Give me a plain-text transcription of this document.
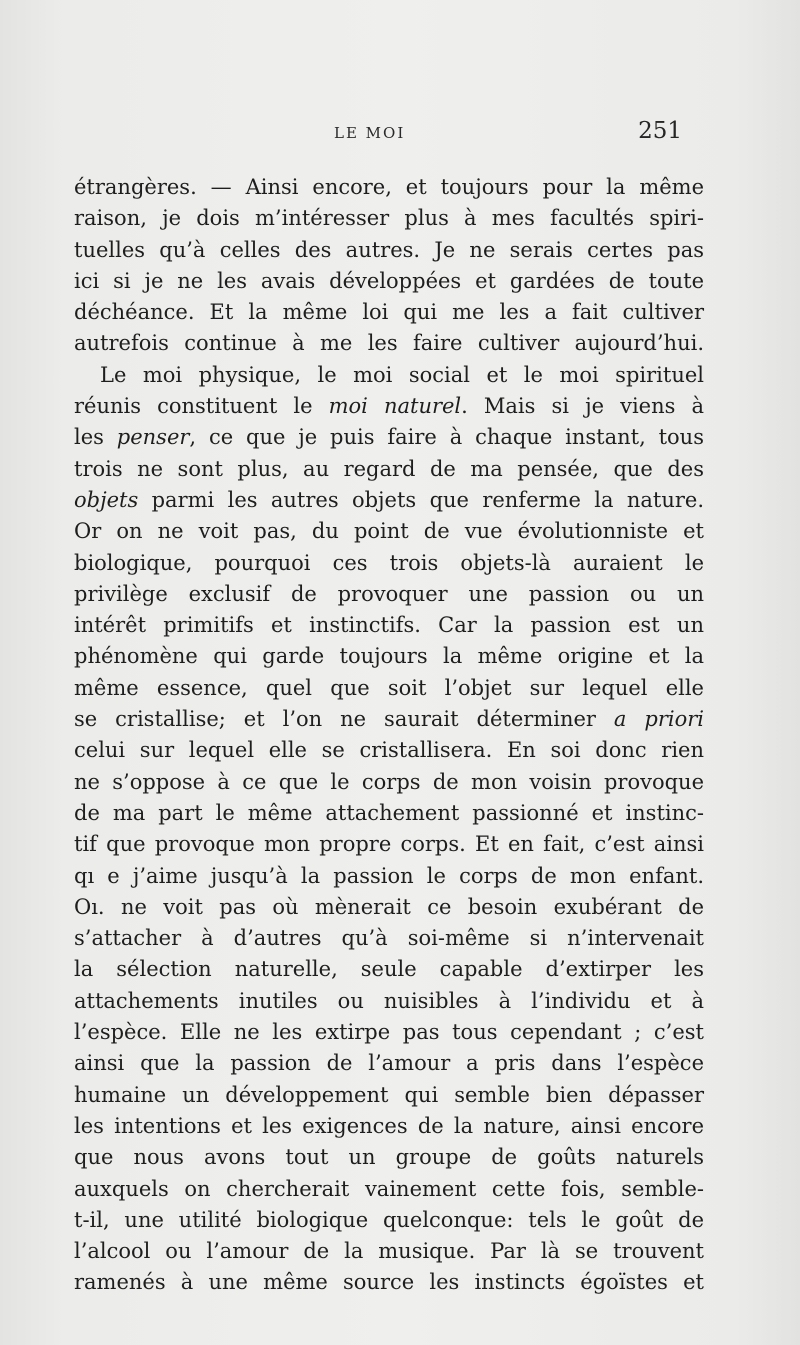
LE MOI	251
étrangères. — Ainsi encore, et toujours pour la même
raison, je dois m’intéresser plus à mes facultés spiri-
tuelles qu’à celles des autres. Je ne serais certes pas
ici si je ne les avais développées et gardées de toute
déchéance. Et la même loi qui me les a fait cultiver
autrefois continue à me les faire cultiver aujourd’hui.
Le moi physique, le moi social et le moi spirituel
réunis constituent le moi naturel. Mais si je viens à
les penser, ce que je puis faire à chaque instant, tous
trois ne sont plus, au regard de ma pensée, que des
objets parmi les autres objets que renferme la nature.
Or on ne voit pas, du point de vue évolutionniste et
biologique, pourquoi ces trois objets-là auraient le
privilège exclusif de provoquer une passion ou un
intérêt primitifs et instinctifs. Car la passion est un
phénomène qui garde toujours la même origine et la
même essence, quel que soit l’objet sur lequel elle
se cristallise; et l’on ne saurait déterminer a priori
celui sur lequel elle se cristallisera. En soi donc rien
ne s’oppose à ce que le corps de mon voisin provoque
de ma part le même attachement passionné et instinc-
tif que provoque mon propre corps. Et en fait, c’est ainsi
qı e j’aime jusqu’à la passion le corps de mon enfant.
Oı. ne voit pas où mènerait ce besoin exubérant de
s’attacher à d’autres qu’à soi-même si n’intervenait
la sélection naturelle, seule capable d’extirper les
attachements inutiles ou nuisibles à l’individu et à
l’espèce. Elle ne les extirpe pas tous cependant ; c’est
ainsi que la passion de l’amour a pris dans l’espèce
humaine un développement qui semble bien dépasser
les intentions et les exigences de la nature, ainsi encore
que nous avons tout un groupe de goûts naturels
auxquels on chercherait vainement cette fois, semble-
t-il, une utilité biologique quelconque: tels le goût de
l’alcool ou l’amour de la musique. Par là se trouvent
ramenés à une même source les instincts égoïstes et
